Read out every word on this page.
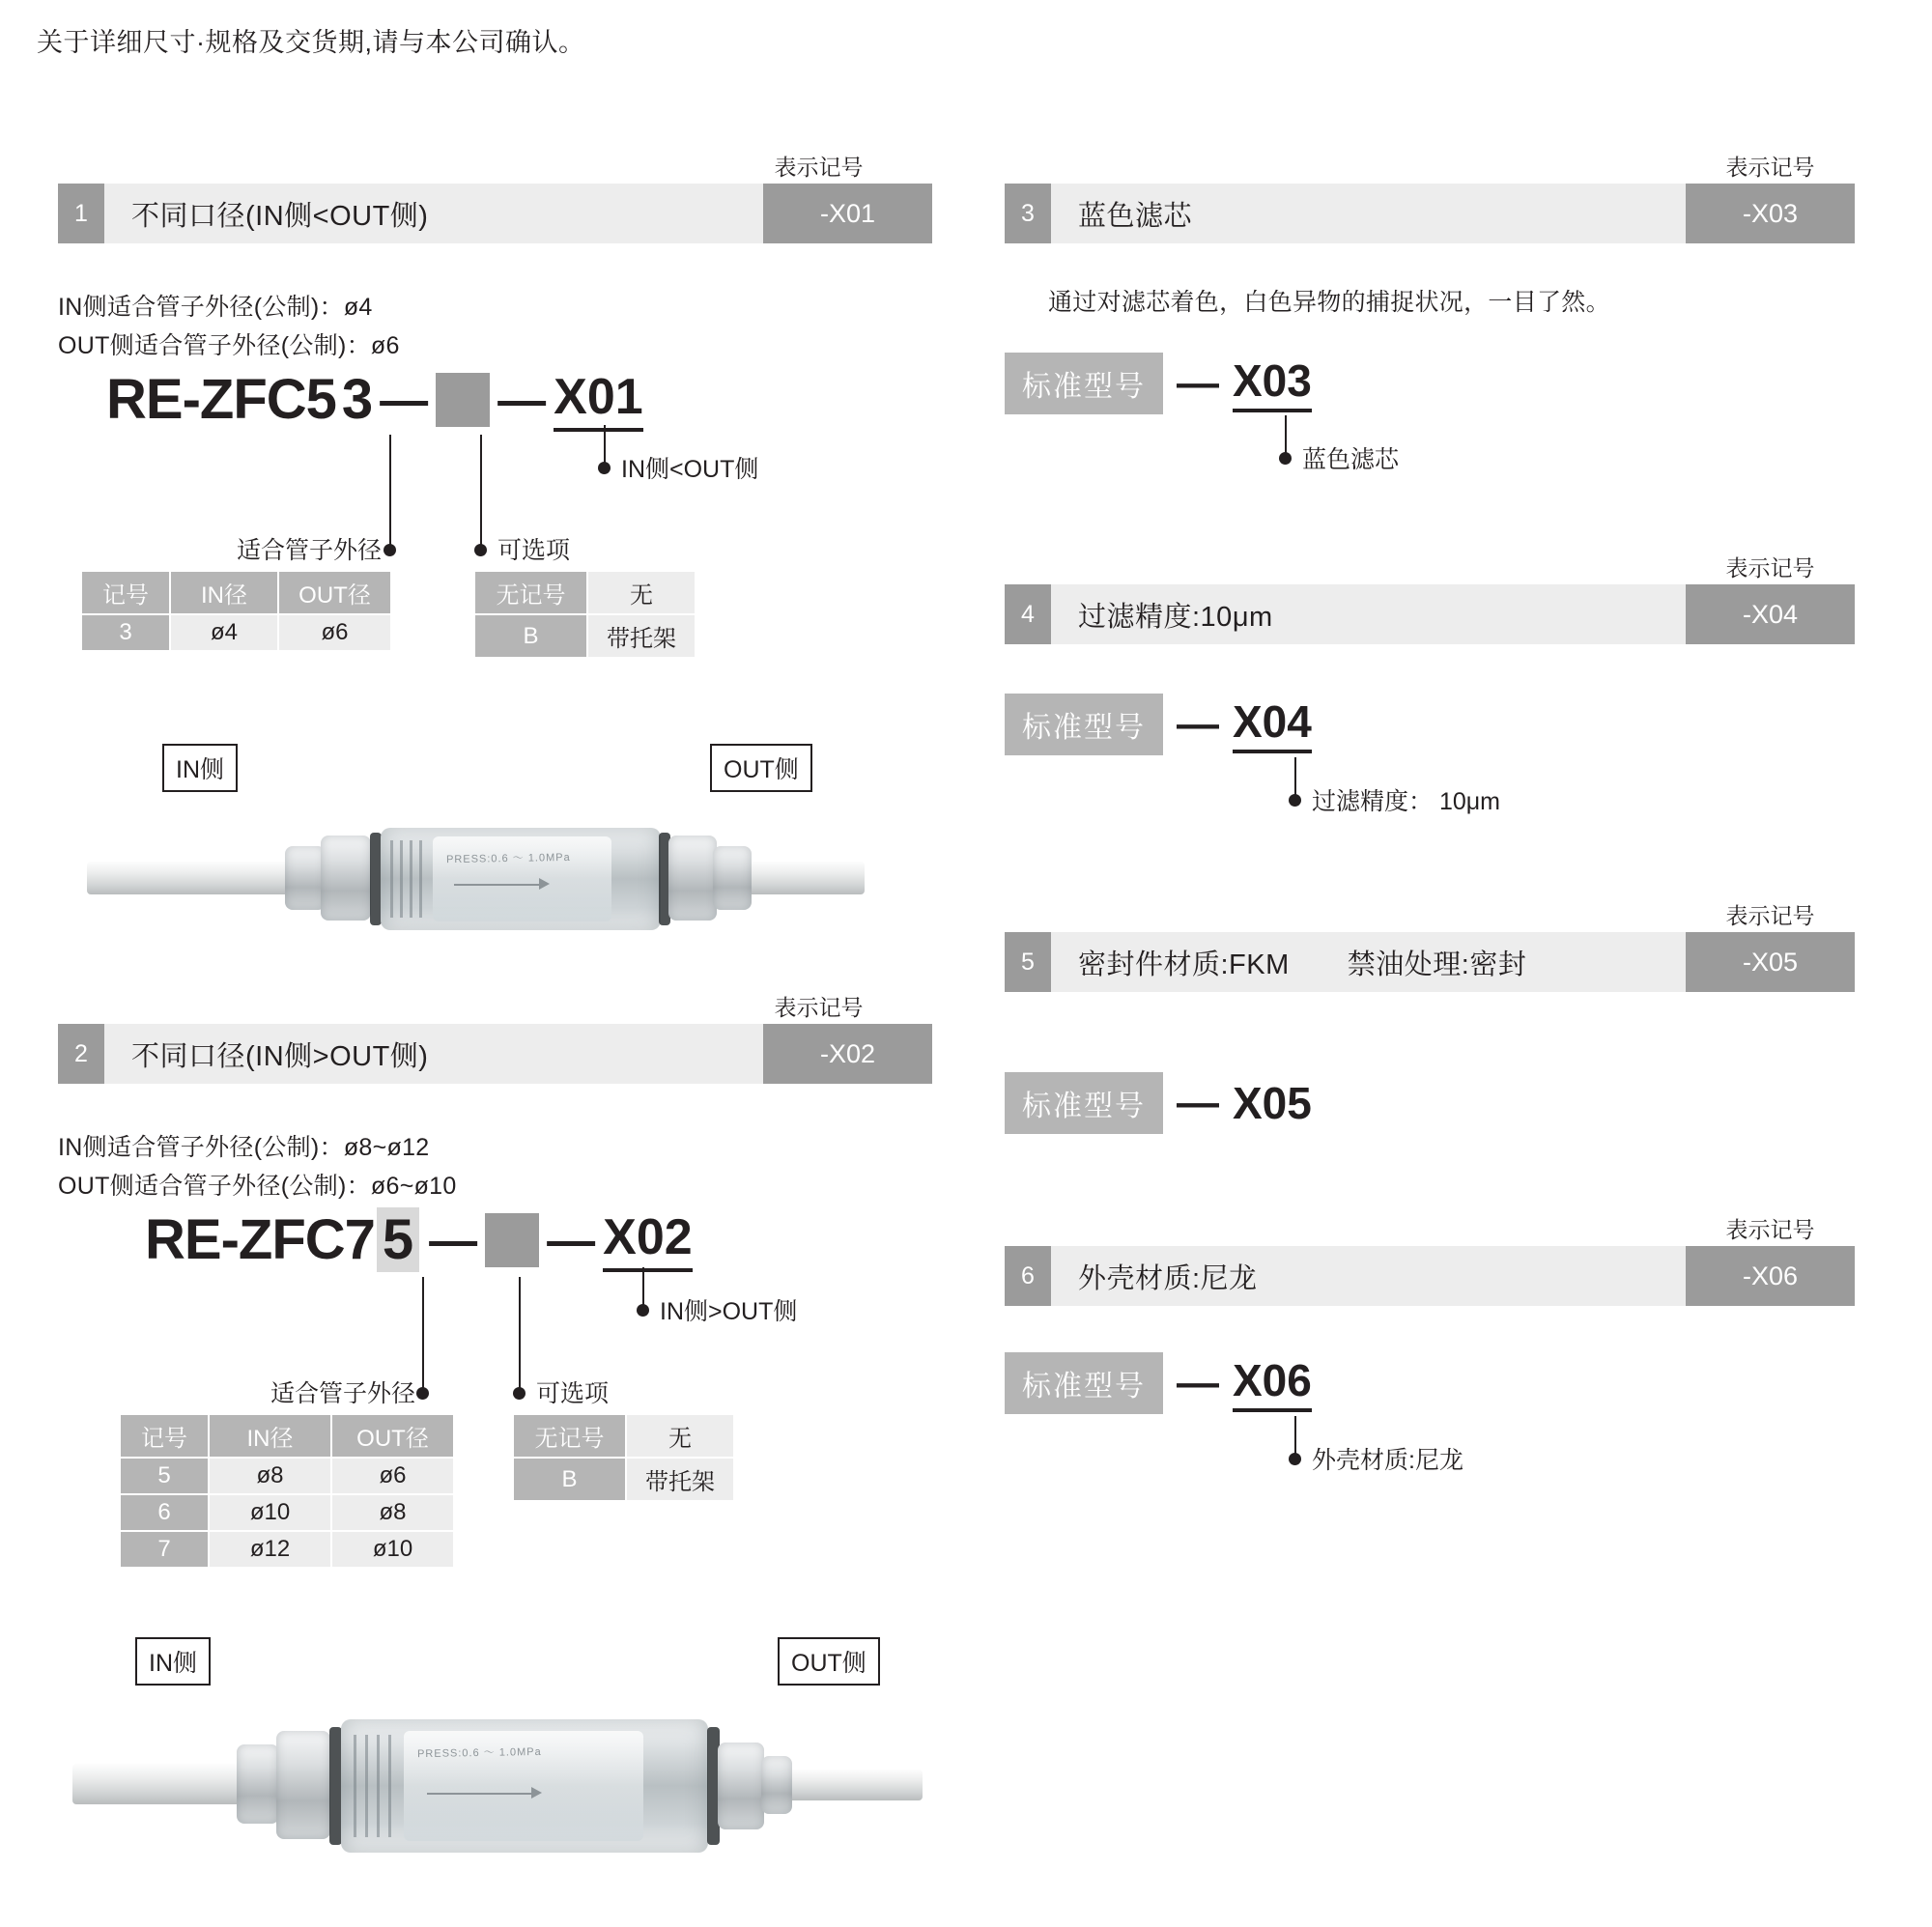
关于详细尺寸·规格及交货期,请与本公司确认。
表示记号
1	不同口径(IN侧<OUT侧)	-X01
IN侧适合管子外径(公制)：ø4
OUT侧适合管子外径(公制)：ø6
RE-ZFC5 3 — — X01
适合管子外径	可选项
IN侧<OUT侧
记号	IN径	OUT径
3	ø4	ø6
无记号	无
B	带托架
IN侧	OUT侧
PRESS:0.6 ～ 1.0MPa
表示记号
2	不同口径(IN侧>OUT侧)	-X02
IN侧适合管子外径(公制)：ø8~ø12
OUT侧适合管子外径(公制)：ø6~ø10
RE-ZFC7 5 — — X02
适合管子外径	可选项
IN侧>OUT侧
记号	IN径	OUT径
5	ø8	ø6
6	ø10	ø8
7	ø12	ø10
无记号	无
B	带托架
IN侧	OUT侧
PRESS:0.6 ～ 1.0MPa
表示记号
3	蓝色滤芯	-X03
通过对滤芯着色，白色异物的捕捉状况，一目了然。
标准型号 — X03
蓝色滤芯
表示记号
4	过滤精度:10μm	-X04
标准型号 — X04
过滤精度： 10μm
表示记号
5	密封件材质:FKM 禁油处理:密封	-X05
标准型号 — X05
表示记号
6	外壳材质:尼龙	-X06
标准型号 — X06
外壳材质:尼龙
